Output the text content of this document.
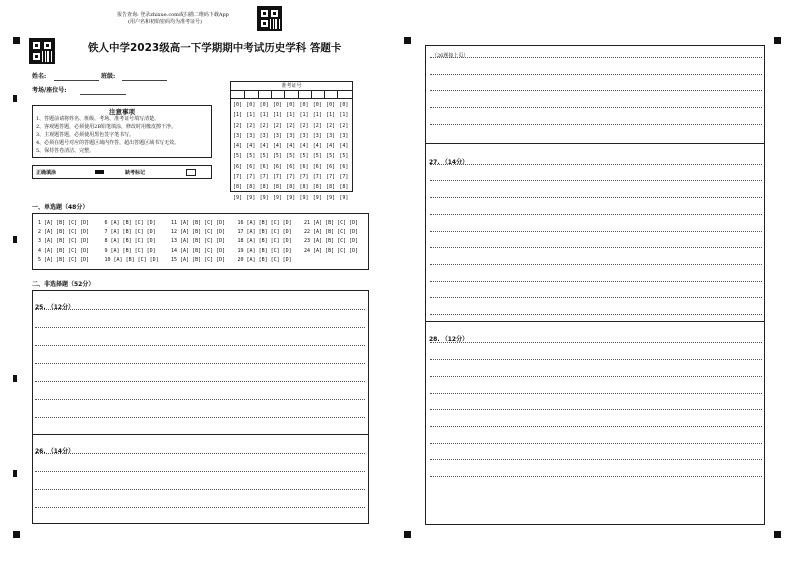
报告查询: 登录zhixue.com或扫描二维码下载App
(用户名和初始密码均为准考证号)
铁人中学2023级高一下学期期中考试历史学科 答题卡
姓名:	班级:
考场/座位号:
注意事项
1、答题前请将姓名、班级、考场、准考证号填写清楚。
2、客观题答题，必须使用2B铅笔填涂，修改时用橡皮擦干净。
3、主观题答题，必须使用黑色签字笔书写。
4、必须在题号对应的答题区域内作答，超出答题区域书写无效。
5、保持答卷清洁、完整。
正确填涂	缺考标记
准考证号
[0]
[1]
[2]
[3]
[4]
[5]
[6]
[7]
[8]
[9]
[0]
[1]
[2]
[3]
[4]
[5]
[6]
[7]
[8]
[9]
[0]
[1]
[2]
[3]
[4]
[5]
[6]
[7]
[8]
[9]
[0]
[1]
[2]
[3]
[4]
[5]
[6]
[7]
[8]
[9]
[0]
[1]
[2]
[3]
[4]
[5]
[6]
[7]
[8]
[9]
[0]
[1]
[2]
[3]
[4]
[5]
[6]
[7]
[8]
[9]
[0]
[1]
[2]
[3]
[4]
[5]
[6]
[7]
[8]
[9]
[0]
[1]
[2]
[3]
[4]
[5]
[6]
[7]
[8]
[9]
[0]
[1]
[2]
[3]
[4]
[5]
[6]
[7]
[8]
[9]
一、单选题（48分）
1 [A] [B] [C] [D]
2 [A] [B] [C] [D]
3 [A] [B] [C] [D]
4 [A] [B] [C] [D]
5 [A] [B] [C] [D]
6 [A] [B] [C] [D]
7 [A] [B] [C] [D]
8 [A] [B] [C] [D]
9 [A] [B] [C] [D]
10 [A] [B] [C] [D]
11 [A] [B] [C] [D]
12 [A] [B] [C] [D]
13 [A] [B] [C] [D]
14 [A] [B] [C] [D]
15 [A] [B] [C] [D]
16 [A] [B] [C] [D]
17 [A] [B] [C] [D]
18 [A] [B] [C] [D]
19 [A] [B] [C] [D]
20 [A] [B] [C] [D]
21 [A] [B] [C] [D]
22 [A] [B] [C] [D]
23 [A] [B] [C] [D]
24 [A] [B] [C] [D]
二、非选择题（52分）
25. （12分）
26. （14分）
（26题接上页）
27. （14分）
28. （12分）
